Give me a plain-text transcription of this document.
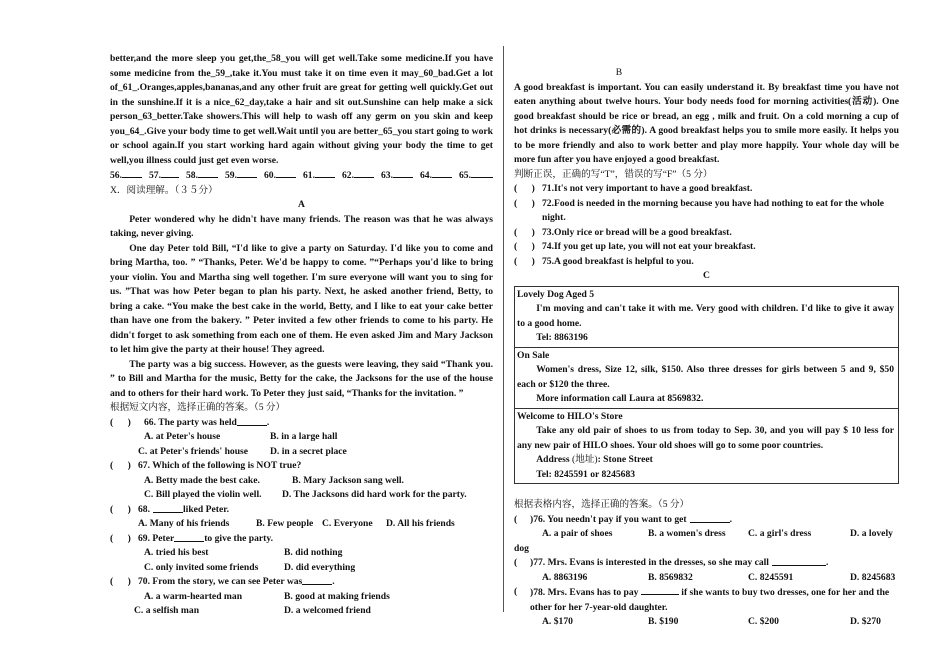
better,and the more sleep you get,the_58_you will get well.Take some medicine.If you have some medicine from the_59_,take it.You must take it on time even it may_60_bad.Get a lot of_61_.Oranges,apples,bananas,and any other fruit are great for getting well quickly.Get out in the sunshine.If it is a nice_62_day,take a hair and sit out.Sunshine can help make a sick person_63_better.Take showers.This will help to wash off any germ on you skin and keep you_64_.Give your body time to get well.Wait until you are better_65_you start going to work or school again.If you start working hard again without giving your body the time to get well,you illness could just get even worse.

56.	57.	58.	59.	60.	61.	62.	63.	64.	65.

X．阅读理解。（３５分）

A

Peter wondered why he didn't have many friends. The reason was that he was always taking, never giving.

One day Peter told Bill, “I'd like to give a party on Saturday. I'd like you to come and bring Martha, too. ” “Thanks, Peter. We'd be happy to come. ”“Perhaps you'd like to bring your violin. You and Martha sing well together. I'm sure everyone will want you to sing for us. ”That was how Peter began to plan his party. Next, he asked another friend, Betty, to bring a cake. “You make the best cake in the world, Betty, and I like to eat your cake better than have one from the bakery. ” Peter invited a few other friends to come to his party. He didn't forget to ask something from each one of them. He even asked Jim and Mary Jackson to let him give the party at their house! They agreed.

The party was a big success. However, as the guests were leaving, they said “Thank you. ” to Bill and Martha for the music, Betty for the cake, the Jacksons for the use of the house and to others for their hard work. To Peter they just said, “Thanks for the invitation. ”

根据短文内容，选择正确的答案。（5 分）

(      )	66. The party was held	.
A. at Peter's house	B. in a large hall
C. at Peter's friends' house	D. in a secret place
(      ) 67. Which of the following is NOT true?
A. Betty made the best cake.	B. Mary Jackson sang well.
C. Bill played the violin well.	D. The Jacksons did hard work for the party.
(      ) 68.	liked Peter.
A. Many of his friends	B. Few people C. Everyone	D. All his friends
(      ) 69. Peter	to give the party.
A. tried his best	B. did nothing
C. only invited some friends	D. did everything
(      ) 70. From the story, we can see Peter was	.
A. a warm-hearted man	B. good at making friends
C. a selfish man	D. a welcomed friend

B

A good breakfast is important. You can easily understand it. By breakfast time you have not eaten anything about twelve hours. Your body needs food for morning activities(活动). One good breakfast should be rice or bread, an egg , milk and fruit. On a cold morning a cup of hot drinks is necessary(必需的). A good breakfast helps you to smile more easily. It helps you to be more friendly and also to work better and play more happily. Your whole day will be more fun after you have enjoyed a good breakfast.

判断正误，正确的写“T”，错误的写“F”（5 分）

(      ) 71.It's not very important to have a good breakfast.
(      ) 72.Food is needed in the morning because you have had nothing to eat for the whole night.
(      ) 73.Only rice or bread will be a good breakfast.
(      ) 74.If you get up late, you will not eat your breakfast.
(      ) 75.A good breakfast is helpful to you.

C

Lovely Dog Aged 5

I'm moving and can't take it with me. Very good with children. I'd like to give it away to a good home.

Tel: 8863196

On Sale

Women's dress, Size 12, silk, $150. Also three dresses for girls between 5 and 9, $50 each or $120 the three.

More information call Laura at 8569832.

Welcome to HILO's Store

Take any old pair of shoes to us from today to Sep. 30, and you will pay $ 10 less for any new pair of HILO shoes. Your old shoes will go to some poor countries.

Address (地址): Stone Street

Tel: 8245591 or 8245683

根据表格内容，选择正确的答案。（5 分）

(	)76. You needn't pay if you want to get	.
A. a pair of shoes	B. a women's dress	C. a girl's dress	D. a lovely

dog

(	)77. Mrs. Evans is interested in the dresses, so she may call	.
A. 8863196	B. 8569832	C. 8245591	D. 8245683
(	)78. Mrs. Evans has to pay	if she wants to buy two dresses, one for her and the other for her 7-year-old daughter.
A. $170	B. $190	C. $200	D. $270
